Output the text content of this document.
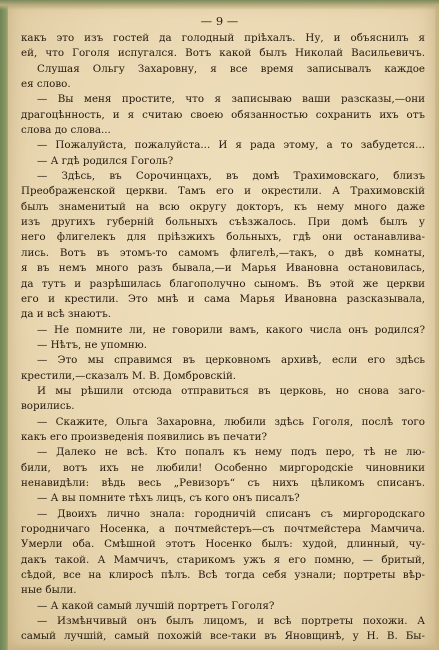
— 9 —
какъ это изъ гостей да голодный пріѣхалъ. Ну, и объяснилъ я
ей, что Гоголя испугался. Вотъ какой былъ Николай Васильевичъ.
Слушая Ольгу Захаровну, я все время записывалъ каждое
ея слово.
— Вы меня простите, что я записываю ваши разсказы,—они
драгоцѣнность, и я считаю своею обязанностью сохранить ихъ отъ
слова до слова...
— Пожалуйста, пожалуйста... И я рада этому, а то забудется...
— А гдѣ родился Гоголь?
— Здѣсь, въ Сорочинцахъ, въ домѣ Трахимовскаго, близъ
Преображенской церкви. Тамъ его и окрестили. А Трахимовскій
былъ знаменитый на всю округу докторъ, къ нему много даже
изъ другихъ губерній больныхъ съѣзжалось. При домѣ былъ у
него флигелекъ для пріѣзжихъ больныхъ, гдѣ они останавлива-
лись. Вотъ въ этомъ-то самомъ флигелѣ,—такъ, о двѣ комнаты,
я въ немъ много разъ бывала,—и Марья Ивановна остановилась,
да тутъ и разрѣшилась благополучно сыномъ. Въ этой же церкви
его и крестили. Это мнѣ и сама Марья Ивановна разсказывала,
да и всѣ знаютъ.
— Не помните ли, не говорили вамъ, какого числа онъ родился?
— Нѣтъ, не упомню.
— Это мы справимся въ церковномъ архивѣ, если его здѣсь
крестили,—сказалъ М. В. Домбровскій.
И мы рѣшили отсюда отправиться въ церковь, но снова заго-
ворились.
— Скажите, Ольга Захаровна, любили здѣсь Гоголя, послѣ того
какъ его произведенія появились въ печати?
— Далеко не всѣ. Кто попалъ къ нему подъ перо, тѣ не лю-
били, вотъ ихъ не любили! Особенно миргородскіе чиновники
ненавидѣли: вѣдь весь „Ревизоръ“ съ нихъ цѣликомъ списанъ.
— А вы помните тѣхъ лицъ, съ кого онъ писалъ?
— Двоихъ лично знала: городничій списанъ съ миргородскаго
городничаго Носенка, а почтмейстеръ—съ почтмейстера Мамчича.
Умерли оба. Смѣшной этотъ Носенко былъ: худой, длинный, чу-
дакъ такой. А Мамчичъ, старикомъ ужъ я его помню, — бритый,
сѣдой, все на клиросѣ пѣлъ. Всѣ тогда себя узнали; портреты вѣр-
ные были.
— А какой самый лучшій портретъ Гоголя?
— Измѣнчивый онъ былъ лицомъ, и всѣ портреты похожи. А
самый лучшій, самый похожій все-таки въ Яновщинѣ, у Н. В. Бы-
